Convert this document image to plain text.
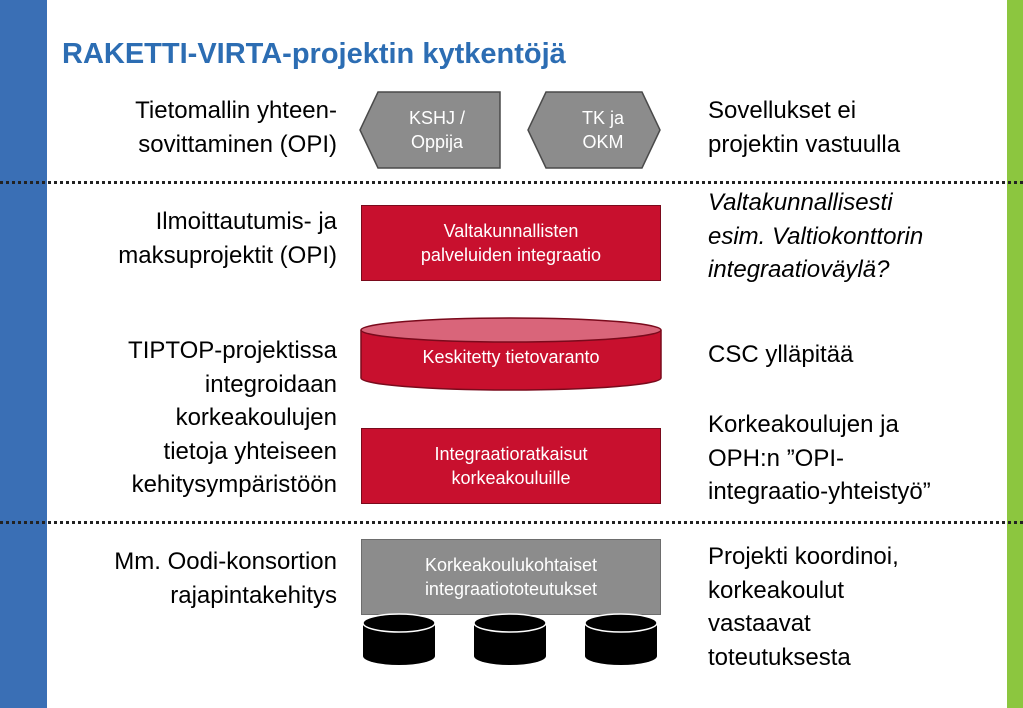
RAKETTI-VIRTA-projektin kytkentöjä
Tietomallin yhteen-
sovittaminen (OPI)
KSHJ /
Oppija
TK ja
OKM
Sovellukset ei
projektin vastuulla
Ilmoittautumis- ja
maksuprojektit (OPI)
Valtakunnallisten
palveluiden integraatio
Valtakunnallisesti
esim. Valtiokonttorin
integraatioväylä?
TIPTOP-projektissa
integroidaan
korkeakoulujen
tietoja yhteiseen
kehitysympäristöön
Keskitetty tietovaranto
Integraatioratkaisut
korkeakouluille
CSC ylläpitää
Korkeakoulujen ja
OPH:n ”OPI-
integraatio-yhteistyö”
Mm. Oodi-konsortion
rajapintakehitys
Korkeakoulukohtaiset
integraatiototeutukset
Projekti koordinoi,
korkeakoulut
vastaavat
toteutuksesta
